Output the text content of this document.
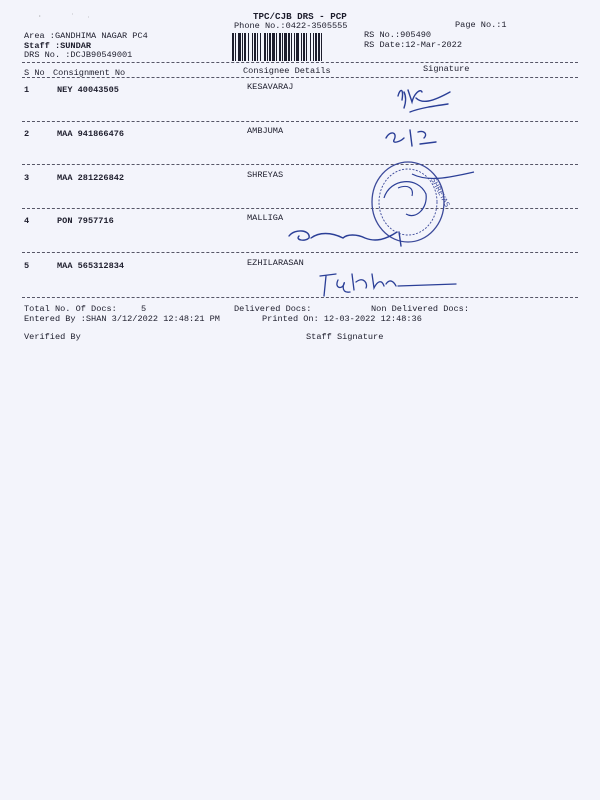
TPC/CJB DRS - PCP
Phone No.:0422-3505555	Page No.:1
·        ˈ ˈ
Area :GANDHIMA NAGAR PC4
Staff :SUNDAR
DRS No. :DCJB90549001
RS No.:905490
RS Date:12-Mar-2022
S No Consignment No	Consignee Details	Signature
1	NEY 40043505	KESAVARAJ
2	MAA 941866476	AMBJUMA
3	MAA 281226842	SHREYAS
4	PON 7957716	MALLIGA
5	MAA 565312834	EZHILARASAN
SHREYAS
Total No. Of Docs:	5	Delivered Docs:	Non Delivered Docs:
Entered By :SHAN 3/12/2022 12:48:21 PM	Printed On: 12-03-2022 12:48:36
Verified By	Staff Signature
